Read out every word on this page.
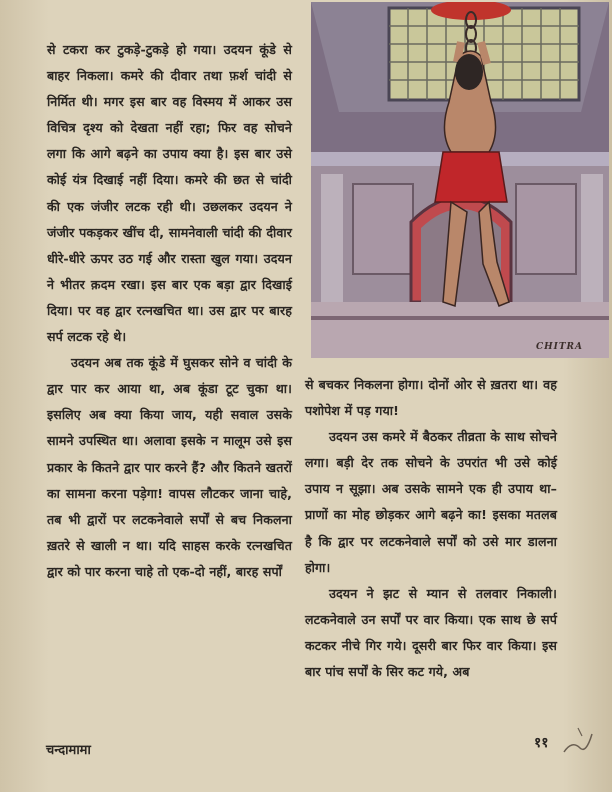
से टकरा कर टुकड़े-टुकड़े हो गया। उदयन कूंडे से बाहर निकला। कमरे की दीवार तथा फ़र्श चांदी से निर्मित थी। मगर इस बार वह विस्मय में आकर उस विचित्र दृश्य को देखता नहीं रहा; फिर वह सोचने लगा कि आगे बढ़ने का उपाय क्या है। इस बार उसे कोई यंत्र दिखाई नहीं दिया। कमरे की छत से चांदी की एक जंजीर लटक रही थी। उछलकर उदयन ने जंजीर पकड़कर खींच दी, सामनेवाली चांदी की दीवार धीरे-धीरे ऊपर उठ गई और रास्ता खुल गया। उदयन ने भीतर क़दम रखा। इस बार एक बड़ा द्वार दिखाई दिया। पर वह द्वार रत्नखचित था। उस द्वार पर बारह सर्प लटक रहे थे।

उदयन अब तक कूंडे में घुसकर सोने व चांदी के द्वार पार कर आया था, अब कूंडा टूट चुका था। इसलिए अब क्या किया जाय, यही सवाल उसके सामने उपस्थित था। अलावा इसके न मालूम उसे इस प्रकार के कितने द्वार पार करने हैं? और कितने खतरों का सामना करना पड़ेगा! वापस लौटकर जाना चाहे, तब भी द्वारों पर लटकनेवाले सर्पों से बच निकलना ख़तरे से खाली न था। यदि साहस करके रत्नखचित द्वार को पार करना चाहे तो एक-दो नहीं, बारह सर्पों

CHITRA

से बचकर निकलना होगा। दोनों ओर से ख़तरा था। वह पशोपेश में पड़ गया!

उदयन उस कमरे में बैठकर तीव्रता के साथ सोचने लगा। बड़ी देर तक सोचने के उपरांत भी उसे कोई उपाय न सूझा। अब उसके सामने एक ही उपाय था– प्राणों का मोह छोड़कर आगे बढ़ने का! इसका मतलब है कि द्वार पर लटकनेवाले सर्पों को उसे मार डालना होगा।

उदयन ने झट से म्यान से तलवार निकाली। लटकनेवाले उन सर्पों पर वार किया। एक साथ छे सर्प कटकर नीचे गिर गये। दूसरी बार फिर वार किया। इस बार पांच सर्पों के सिर कट गये, अब

चन्दामामा	११
